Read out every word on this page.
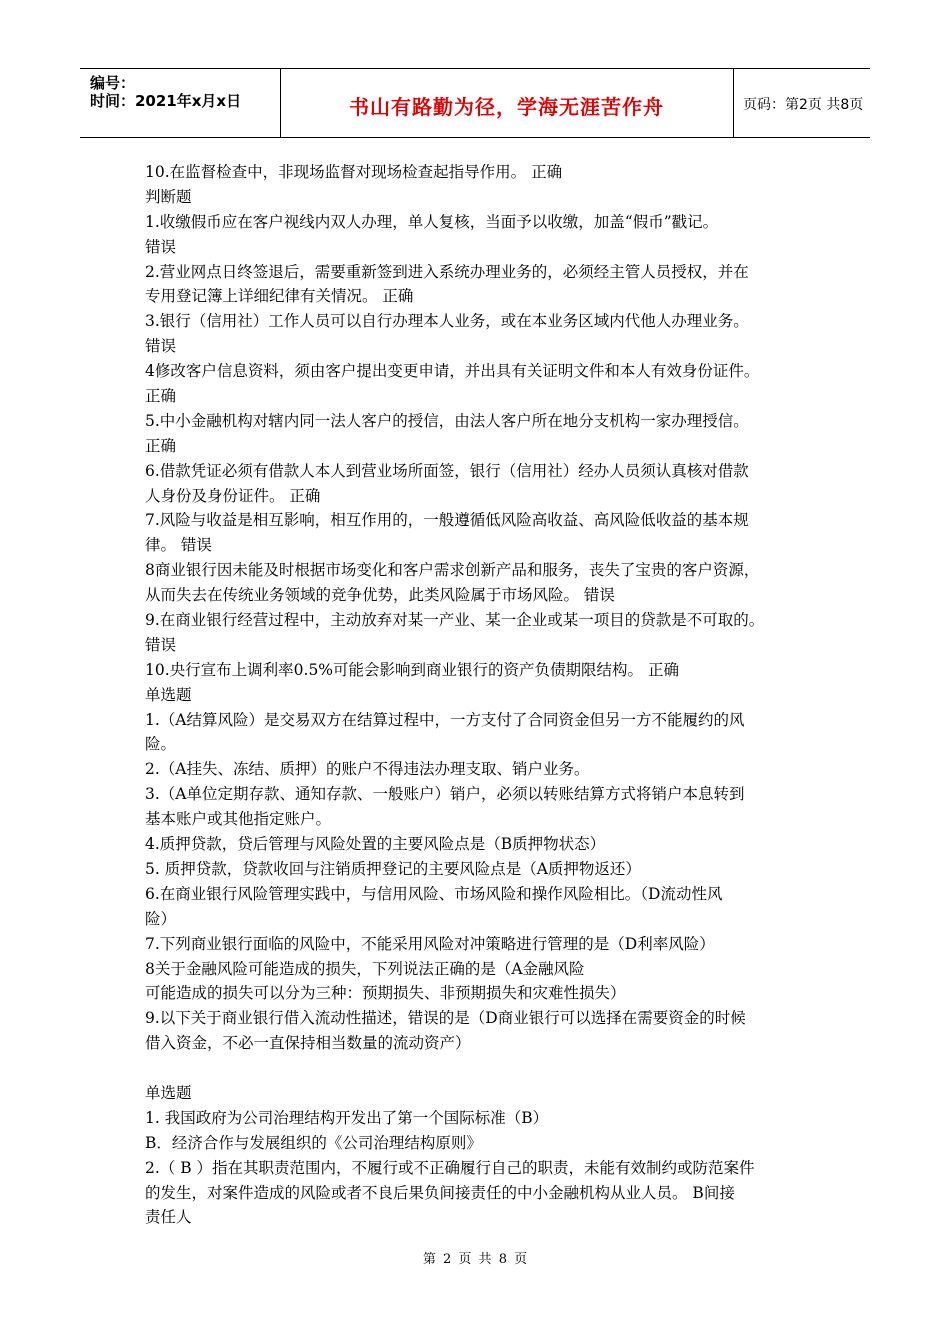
编号：
时间：2021年x月x日	书山有路勤为径，学海无涯苦作舟	页码：第2页 共8页
10.在监督检查中，非现场监督对现场检查起指导作用。 正确
判断题
1.收缴假币应在客户视线内双人办理，单人复核，当面予以收缴，加盖“假币”戳记。
错误
2.营业网点日终签退后，需要重新签到进入系统办理业务的，必须经主管人员授权，并在
专用登记簿上详细纪律有关情况。 正确
3.银行（信用社）工作人员可以自行办理本人业务，或在本业务区域内代他人办理业务。
错误
4修改客户信息资料，须由客户提出变更申请，并出具有关证明文件和本人有效身份证件。
正确
5.中小金融机构对辖内同一法人客户的授信，由法人客户所在地分支机构一家办理授信。
正确
6.借款凭证必须有借款人本人到营业场所面签，银行（信用社）经办人员须认真核对借款
人身份及身份证件。 正确
7.风险与收益是相互影响，相互作用的，一般遵循低风险高收益、高风险低收益的基本规
律。 错误
8商业银行因未能及时根据市场变化和客户需求创新产品和服务，丧失了宝贵的客户资源，
从而失去在传统业务领域的竞争优势，此类风险属于市场风险。 错误
9.在商业银行经营过程中，主动放弃对某一产业、某一企业或某一项目的贷款是不可取的。
错误
10.央行宣布上调利率0.5%可能会影响到商业银行的资产负债期限结构。 正确
单选题
1.（A结算风险）是交易双方在结算过程中，一方支付了合同资金但另一方不能履约的风
险。
2.（A挂失、冻结、质押）的账户不得违法办理支取、销户业务。
3.（A单位定期存款、通知存款、一般账户）销户，必须以转账结算方式将销户本息转到
基本账户或其他指定账户。
4.质押贷款，贷后管理与风险处置的主要风险点是（B质押物状态）
5. 质押贷款，贷款收回与注销质押登记的主要风险点是（A质押物返还）
6.在商业银行风险管理实践中，与信用风险、市场风险和操作风险相比。（D流动性风
险）
7.下列商业银行面临的风险中，不能采用风险对冲策略进行管理的是（D利率风险）
8关于金融风险可能造成的损失，下列说法正确的是（A金融风险
可能造成的损失可以分为三种：预期损失、非预期损失和灾难性损失）
9.以下关于商业银行借入流动性描述，错误的是（D商业银行可以选择在需要资金的时候
借入资金，不必一直保持相当数量的流动资产）
单选题
1. 我国政府为公司治理结构开发出了第一个国际标准（B）
B．经济合作与发展组织的《公司治理结构原则》
2.（ B ）指在其职责范围内，不履行或不正确履行自己的职责，未能有效制约或防范案件
的发生，对案件造成的风险或者不良后果负间接责任的中小金融机构从业人员。 B间接
责任人
第 2 页 共 8 页
